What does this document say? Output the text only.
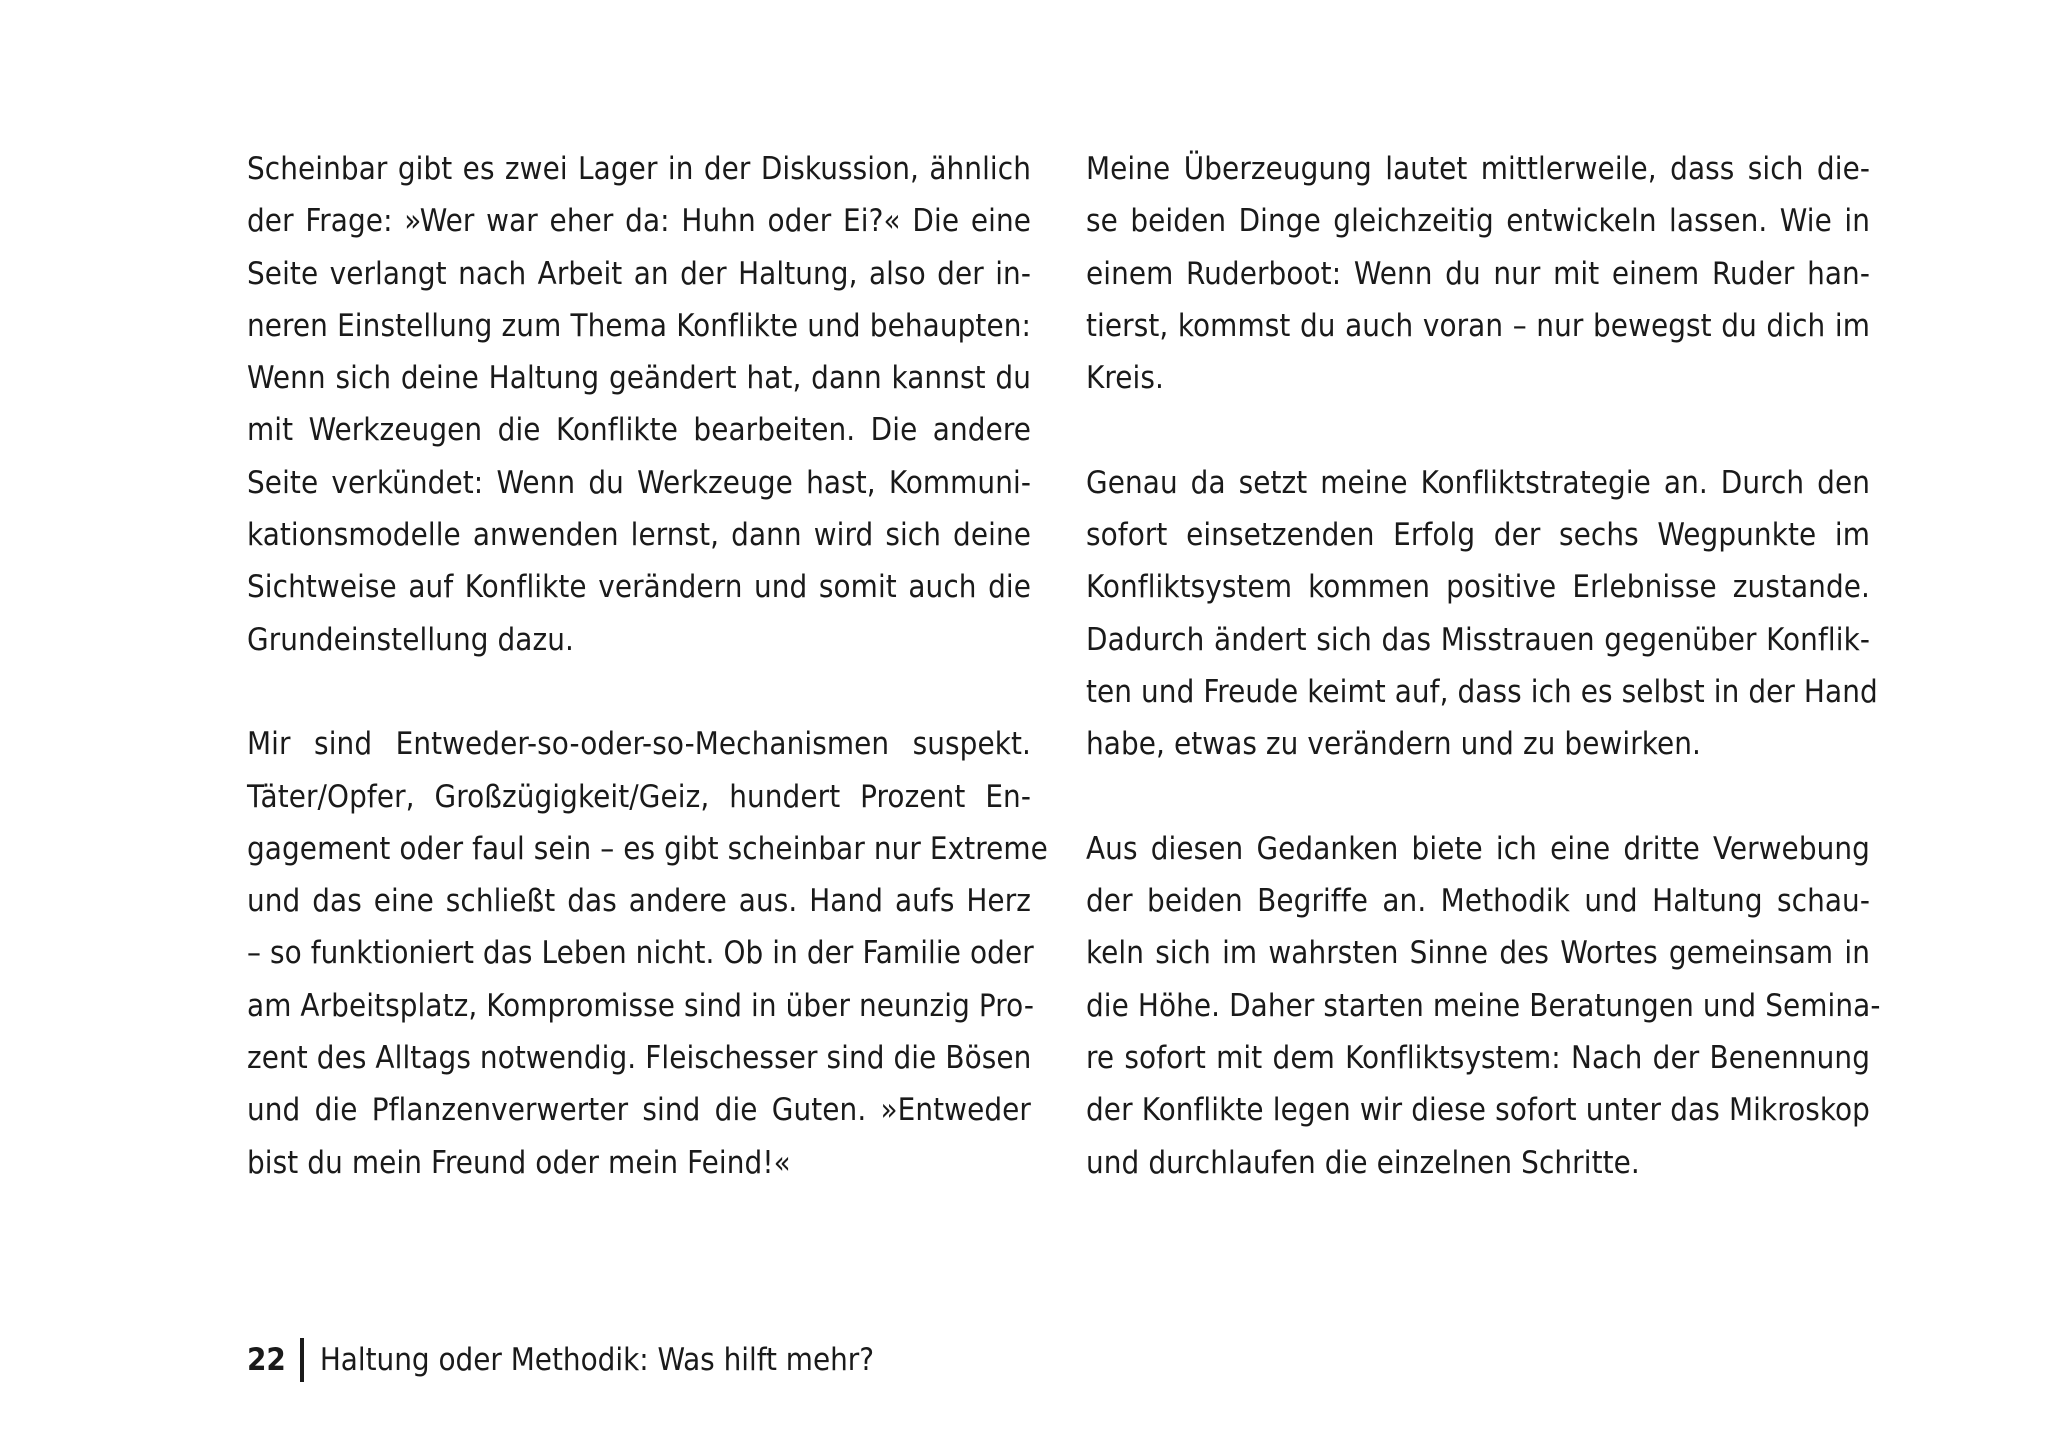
Scheinbar gibt es zwei Lager in der Diskussion, ähnlich
der Frage: »Wer war eher da: Huhn oder Ei?« Die eine
Seite verlangt nach Arbeit an der Haltung, also der in-
neren Einstellung zum Thema Konflikte und behaupten:
Wenn sich deine Haltung geändert hat, dann kannst du
mit Werkzeugen die Konflikte bearbeiten. Die andere
Seite verkündet: Wenn du Werkzeuge hast, Kommuni-
kationsmodelle anwenden lernst, dann wird sich deine
Sichtweise auf Konflikte verändern und somit auch die
Grundeinstellung dazu.
Mir sind Entweder-so-oder-so-Mechanismen suspekt.
Täter/Opfer, Großzügigkeit/Geiz, hundert Prozent En-
gagement oder faul sein – es gibt scheinbar nur Extreme
und das eine schließt das andere aus. Hand aufs Herz
– so funktioniert das Leben nicht. Ob in der Familie oder
am Arbeitsplatz, Kompromisse sind in über neunzig Pro-
zent des Alltags notwendig. Fleischesser sind die Bösen
und die Pflanzenverwerter sind die Guten. »Entweder
bist du mein Freund oder mein Feind!«
Meine Überzeugung lautet mittlerweile, dass sich die-
se beiden Dinge gleichzeitig entwickeln lassen. Wie in
einem Ruderboot: Wenn du nur mit einem Ruder han-
tierst, kommst du auch voran – nur bewegst du dich im
Kreis.
Genau da setzt meine Konfliktstrategie an. Durch den
sofort einsetzenden Erfolg der sechs Wegpunkte im
Konfliktsystem kommen positive Erlebnisse zustande.
Dadurch ändert sich das Misstrauen gegenüber Konflik-
ten und Freude keimt auf, dass ich es selbst in der Hand
habe, etwas zu verändern und zu bewirken.
Aus diesen Gedanken biete ich eine dritte Verwebung
der beiden Begriffe an. Methodik und Haltung schau-
keln sich im wahrsten Sinne des Wortes gemeinsam in
die Höhe. Daher starten meine Beratungen und Semina-
re sofort mit dem Konfliktsystem: Nach der Benennung
der Konflikte legen wir diese sofort unter das Mikroskop
und durchlaufen die einzelnen Schritte.
22 Haltung oder Methodik: Was hilft mehr?
